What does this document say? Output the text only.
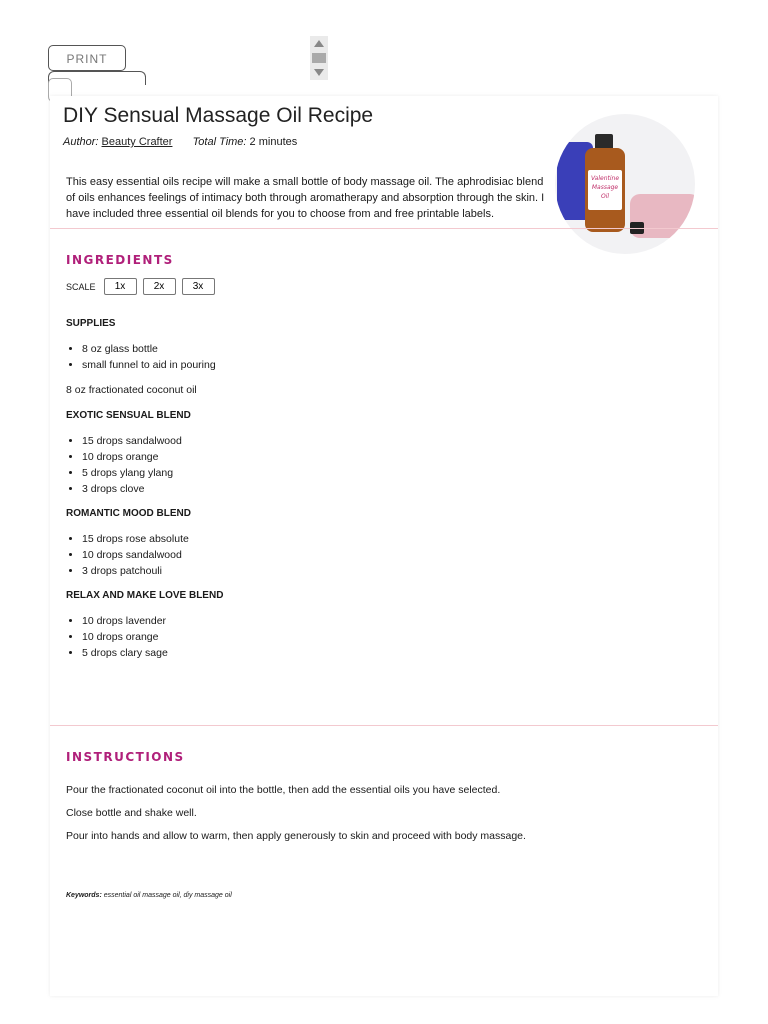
PRINT
DIY Sensual Massage Oil Recipe
Author: Beauty Crafter Total Time: 2 minutes
This easy essential oils recipe will make a small bottle of body massage oil. The aphrodisiac blend of oils enhances feelings of intimacy both through aromatherapy and absorption through the skin. I have included three essential oil blends for you to choose from and free printable labels.
Valentine Massage Oil
INGREDIENTS
SCALE	1x	2x	3x
SUPPLIES
• 8 oz glass bottle
• small funnel to aid in pouring
8 oz fractionated coconut oil
EXOTIC SENSUAL BLEND
• 15 drops sandalwood
• 10 drops orange
• 5 drops ylang ylang
• 3 drops clove
ROMANTIC MOOD BLEND
• 15 drops rose absolute
• 10 drops sandalwood
• 3 drops patchouli
RELAX AND MAKE LOVE BLEND
• 10 drops lavender
• 10 drops orange
• 5 drops clary sage
INSTRUCTIONS

Pour the fractionated coconut oil into the bottle, then add the essential oils you have selected.

Close bottle and shake well.

Pour into hands and allow to warm, then apply generously to skin and proceed with body massage.

Keywords: essential oil massage oil, diy massage oil
